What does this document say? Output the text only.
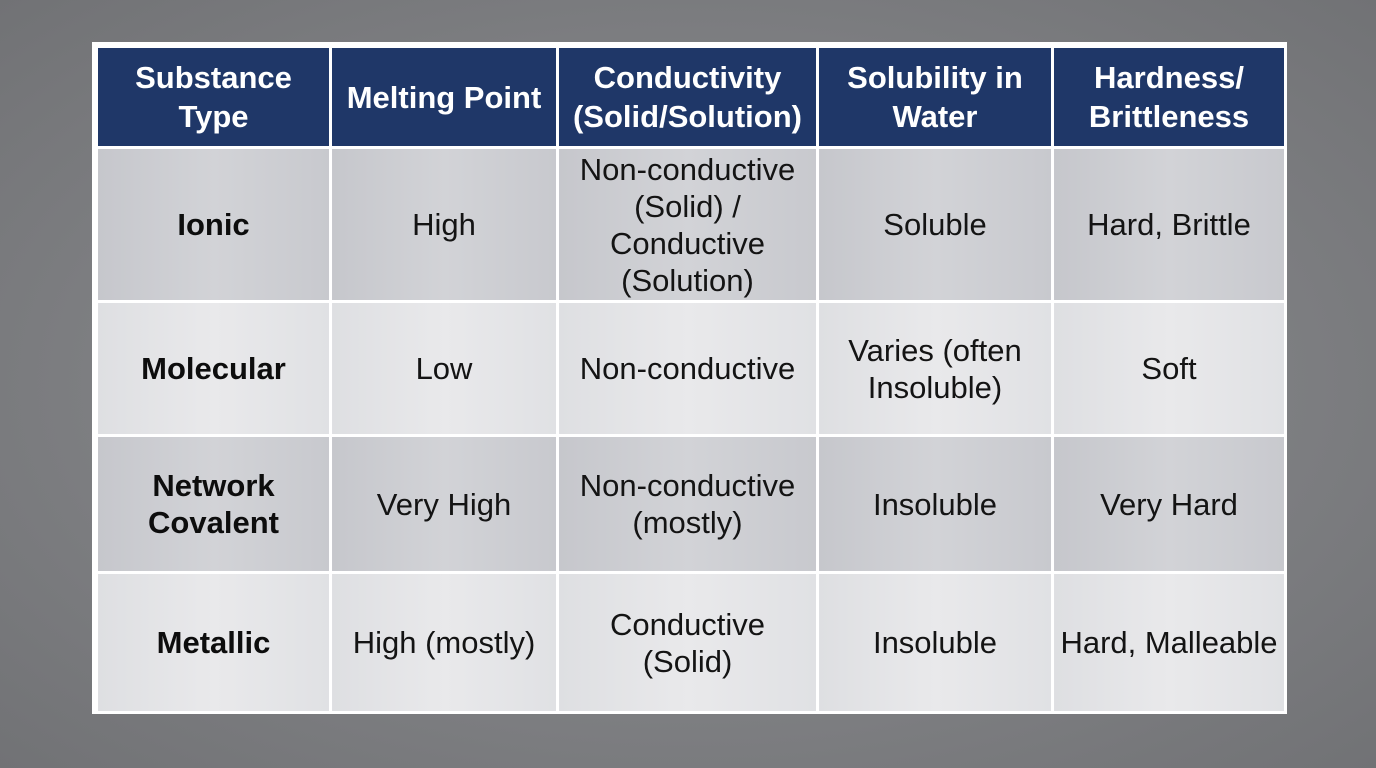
Substance Type	Melting Point	Conductivity (Solid/Solution)	Solubility in Water	Hardness/ Brittleness
Ionic	High	Non-conductive (Solid) / Conductive (Solution)	Soluble	Hard, Brittle
Molecular	Low	Non-conductive	Varies (often Insoluble)	Soft
Network Covalent	Very High	Non-conductive (mostly)	Insoluble	Very Hard
Metallic	High (mostly)	Conductive (Solid)	Insoluble	Hard, Malleable
